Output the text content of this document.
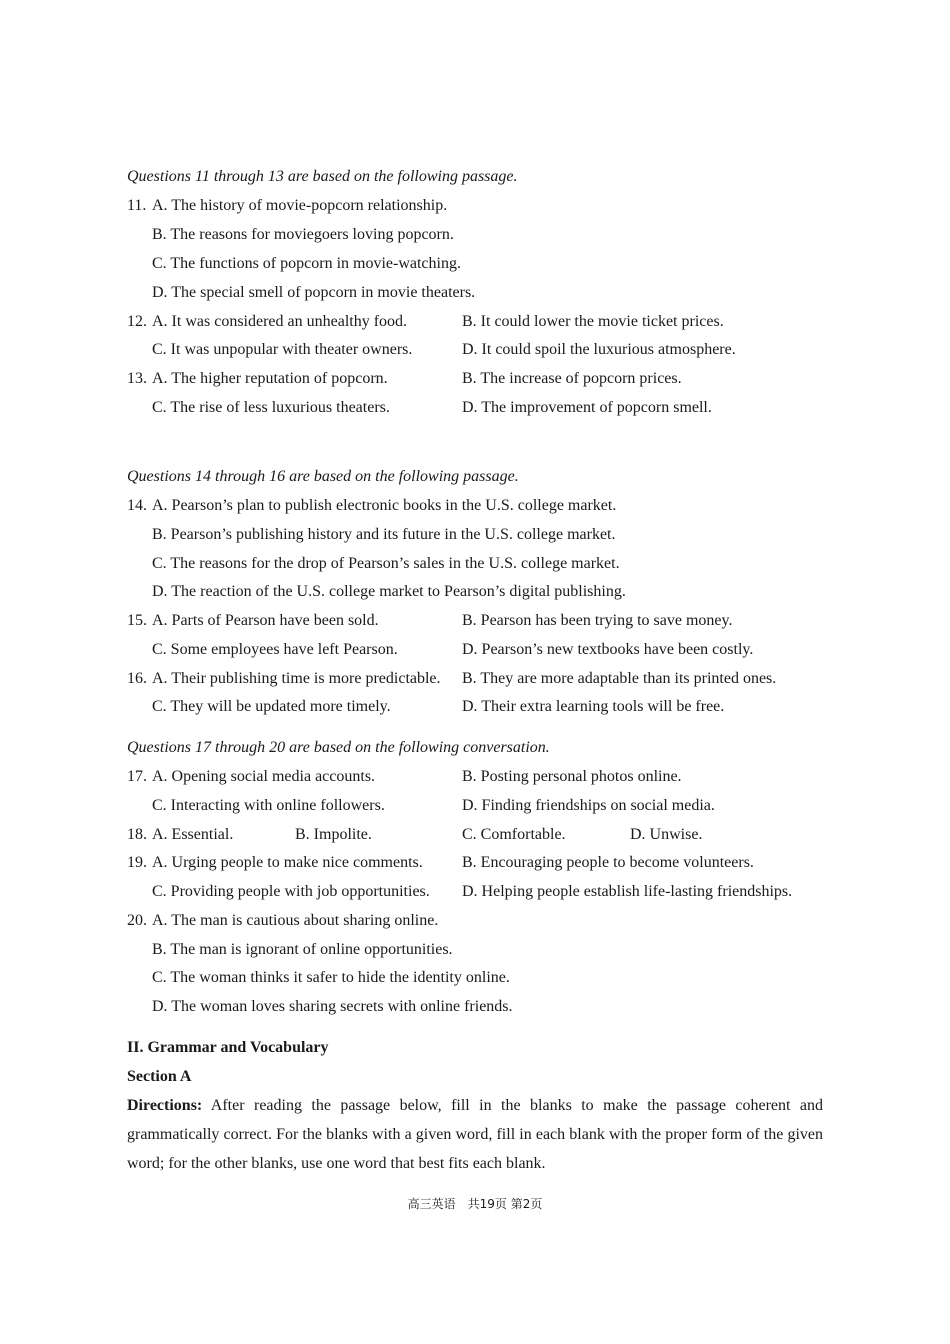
Questions 11 through 13 are based on the following passage.
11. A. The history of movie-popcorn relationship.
B. The reasons for moviegoers loving popcorn.
C. The functions of popcorn in movie-watching.
D. The special smell of popcorn in movie theaters.
12. A. It was considered an unhealthy food.	B. It could lower the movie ticket prices.
C. It was unpopular with theater owners.	D. It could spoil the luxurious atmosphere.
13. A. The higher reputation of popcorn.	B. The increase of popcorn prices.
C. The rise of less luxurious theaters.	D. The improvement of popcorn smell.
Questions 14 through 16 are based on the following passage.
14. A. Pearson’s plan to publish electronic books in the U.S. college market.
B. Pearson’s publishing history and its future in the U.S. college market.
C. The reasons for the drop of Pearson’s sales in the U.S. college market.
D. The reaction of the U.S. college market to Pearson’s digital publishing.
15. A. Parts of Pearson have been sold.	B. Pearson has been trying to save money.
C. Some employees have left Pearson.	D. Pearson’s new textbooks have been costly.
16. A. Their publishing time is more predictable. B. They are more adaptable than its printed ones.
C. They will be updated more timely.	D. Their extra learning tools will be free.
Questions 17 through 20 are based on the following conversation.
17. A. Opening social media accounts.	B. Posting personal photos online.
C. Interacting with online followers.	D. Finding friendships on social media.
18. A. Essential.	B. Impolite.	C. Comfortable.	D. Unwise.
19. A. Urging people to make nice comments. B. Encouraging people to become volunteers.
C. Providing people with job opportunities. D. Helping people establish life-lasting friendships.
20. A. The man is cautious about sharing online.
B. The man is ignorant of online opportunities.
C. The woman thinks it safer to hide the identity online.
D. The woman loves sharing secrets with online friends.
II. Grammar and Vocabulary
Section A
Directions: After reading the passage below, fill in the blanks to make the passage coherent and grammatically correct. For the blanks with a given word, fill in each blank with the proper form of the given word; for the other blanks, use one word that best fits each blank.
高三英语　共19页 第2页
